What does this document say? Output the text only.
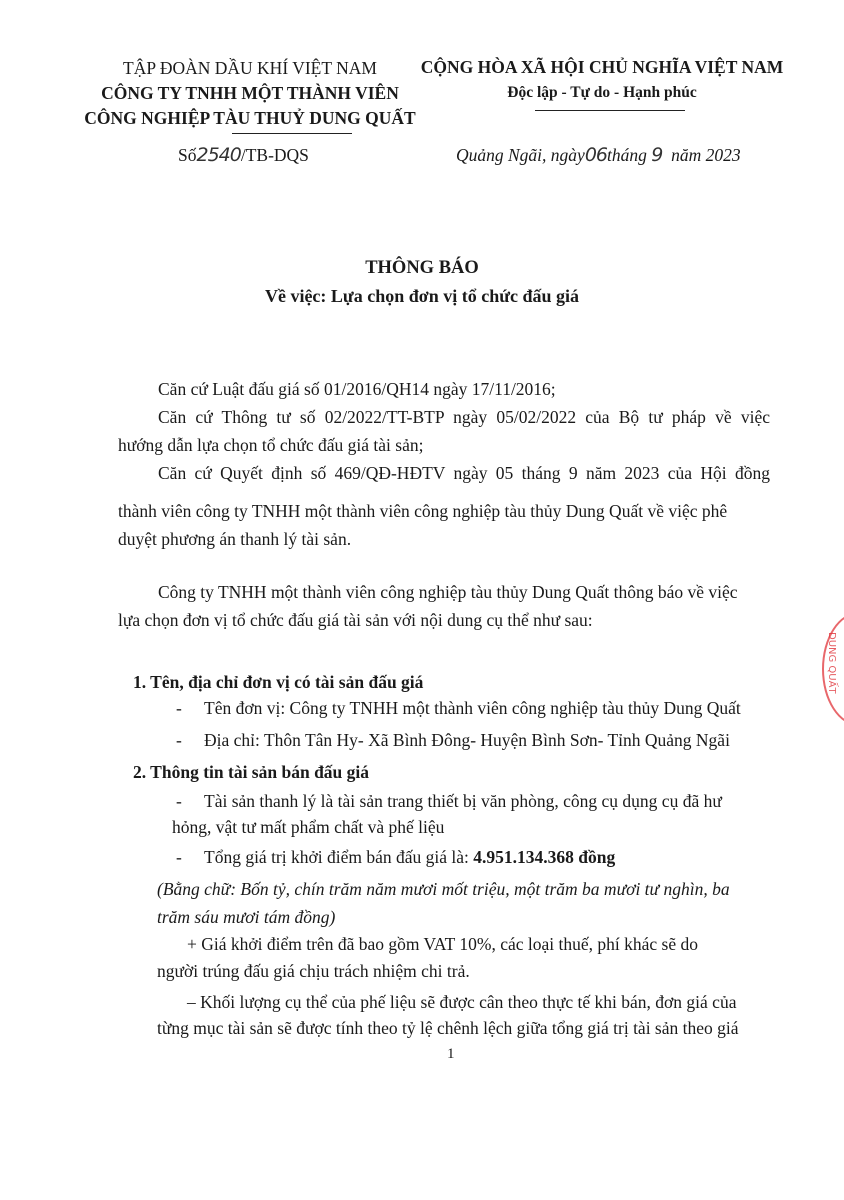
TẬP ĐOÀN DẦU KHÍ VIỆT NAM
CÔNG TY TNHH MỘT THÀNH VIÊN
CÔNG NGHIỆP TÀU THUỶ DUNG QUẤT
CỘNG HÒA XÃ HỘI CHỦ NGHĨA VIỆT NAM
Độc lập - Tự do - Hạnh phúc
Số2540/TB-DQS	Quảng Ngãi, ngày06tháng 9 năm 2023
THÔNG BÁO
Về việc: Lựa chọn đơn vị tổ chức đấu giá
Căn cứ Luật đấu giá số 01/2016/QH14 ngày 17/11/2016;
Căn cứ Thông tư số 02/2022/TT-BTP ngày 05/02/2022 của Bộ tư pháp về việc
hướng dẫn lựa chọn tổ chức đấu giá tài sản;
Căn cứ Quyết định số 469/QĐ-HĐTV ngày 05 tháng 9 năm 2023 của Hội đồng
thành viên công ty TNHH một thành viên công nghiệp tàu thủy Dung Quất về việc phê
duyệt phương án thanh lý tài sản.
Công ty TNHH một thành viên công nghiệp tàu thủy Dung Quất thông báo về việc
lựa chọn đơn vị tổ chức đấu giá tài sản với nội dung cụ thể như sau:
1. Tên, địa chỉ đơn vị có tài sản đấu giá
- Tên đơn vị: Công ty TNHH một thành viên công nghiệp tàu thủy Dung Quất
- Địa chỉ: Thôn Tân Hy- Xã Bình Đông- Huyện Bình Sơn- Tỉnh Quảng Ngãi
2. Thông tin tài sản bán đấu giá
- Tài sản thanh lý là tài sản trang thiết bị văn phòng, công cụ dụng cụ đã hư
hỏng, vật tư mất phẩm chất và phế liệu
- Tổng giá trị khởi điểm bán đấu giá là: 4.951.134.368 đồng
(Bằng chữ: Bốn tỷ, chín trăm năm mươi mốt triệu, một trăm ba mươi tư nghìn, ba
trăm sáu mươi tám đồng)
+ Giá khởi điểm trên đã bao gồm VAT 10%, các loại thuế, phí khác sẽ do
người trúng đấu giá chịu trách nhiệm chi trả.
– Khối lượng cụ thể của phế liệu sẽ được cân theo thực tế khi bán, đơn giá của
từng mục tài sản sẽ được tính theo tỷ lệ chênh lệch giữa tổng giá trị tài sản theo giá
1
DUNG QUẤT
